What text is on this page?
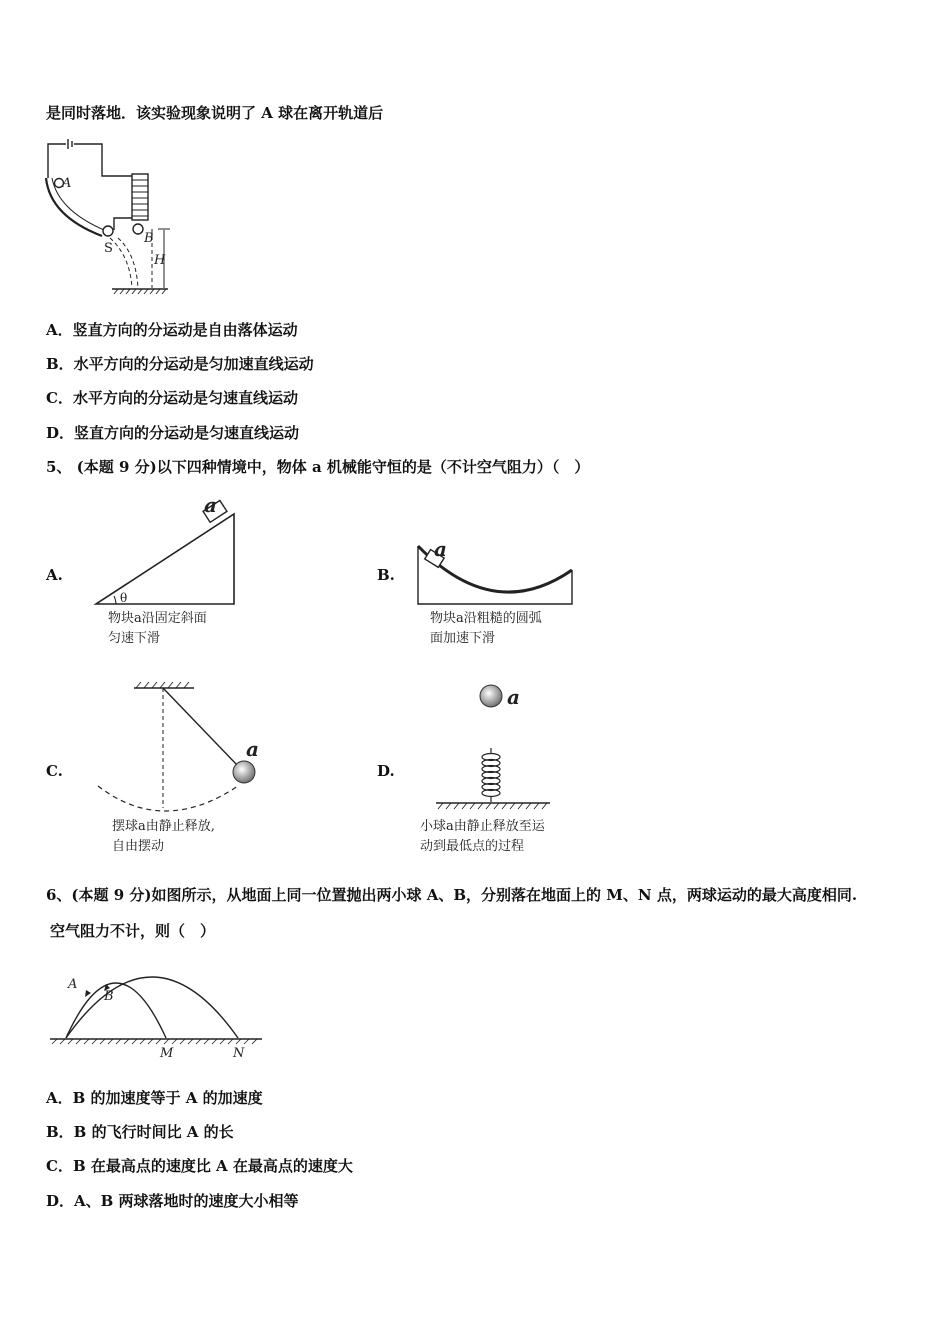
是同时落地．该实验现象说明了 A 球在离开轨道后
A
S
B
H
A．竖直方向的分运动是自由落体运动
B．水平方向的分运动是匀加速直线运动
C．水平方向的分运动是匀速直线运动
D．竖直方向的分运动是匀速直线运动
5、 (本题 9 分)以下四种情境中，物体 a 机械能守恒的是（不计空气阻力）（　）
A.
a
θ
物块a沿固定斜面
匀速下滑
B.
a
物块a沿粗糙的圆弧
面加速下滑
C.
a
摆球a由静止释放,
自由摆动
D.
a
小球a由静止释放至运
动到最低点的过程
6、(本题 9 分)如图所示，从地面上同一位置抛出两小球 A、B，分别落在地面上的 M、N 点，两球运动的最大高度相同.
空气阻力不计，则（　）
A
B
M	N
A．B 的加速度等于 A 的加速度
B．B 的飞行时间比 A 的长
C．B 在最高点的速度比 A 在最高点的速度大
D．A、B 两球落地时的速度大小相等
